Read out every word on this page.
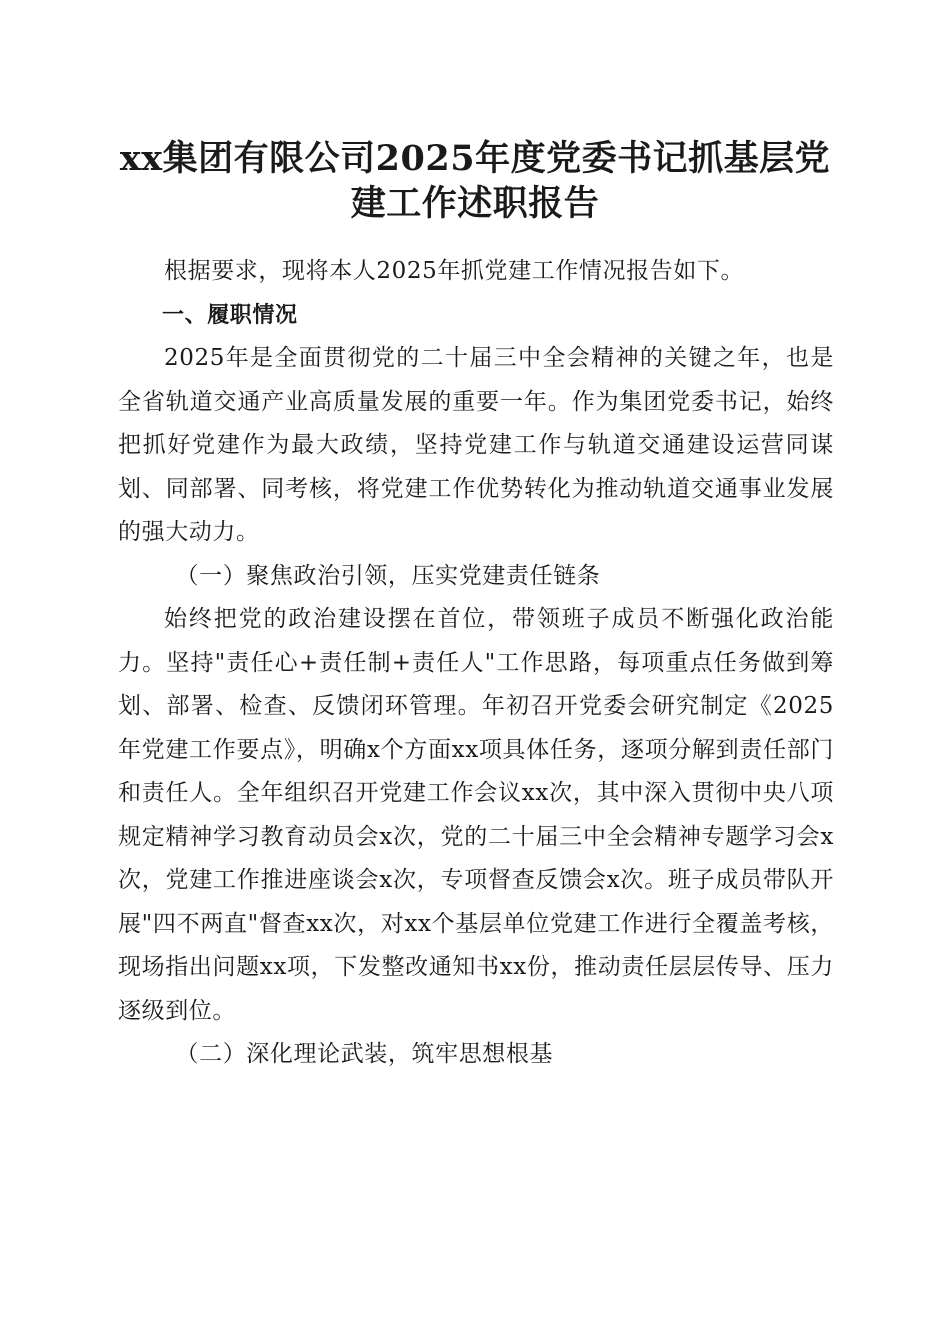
xx集团有限公司2025年度党委书记抓基层党
建工作述职报告

根据要求，现将本人2025年抓党建工作情况报告如下。

一、履职情况

2025年是全面贯彻党的二十届三中全会精神的关键之年，也是全省轨道交通产业高质量发展的重要一年。作为集团党委书记，始终把抓好党建作为最大政绩，坚持党建工作与轨道交通建设运营同谋划、同部署、同考核，将党建工作优势转化为推动轨道交通事业发展的强大动力。

（一）聚焦政治引领，压实党建责任链条

始终把党的政治建设摆在首位，带领班子成员不断强化政治能力。坚持"责任心+责任制+责任人"工作思路，每项重点任务做到筹划、部署、检查、反馈闭环管理。年初召开党委会研究制定《2025年党建工作要点》，明确x个方面xx项具体任务，逐项分解到责任部门和责任人。全年组织召开党建工作会议xx次，其中深入贯彻中央八项规定精神学习教育动员会x次，党的二十届三中全会精神专题学习会x次，党建工作推进座谈会x次，专项督查反馈会x次。班子成员带队开展"四不两直"督查xx次，对xx个基层单位党建工作进行全覆盖考核，现场指出问题xx项，下发整改通知书xx份，推动责任层层传导、压力逐级到位。

（二）深化理论武装，筑牢思想根基
